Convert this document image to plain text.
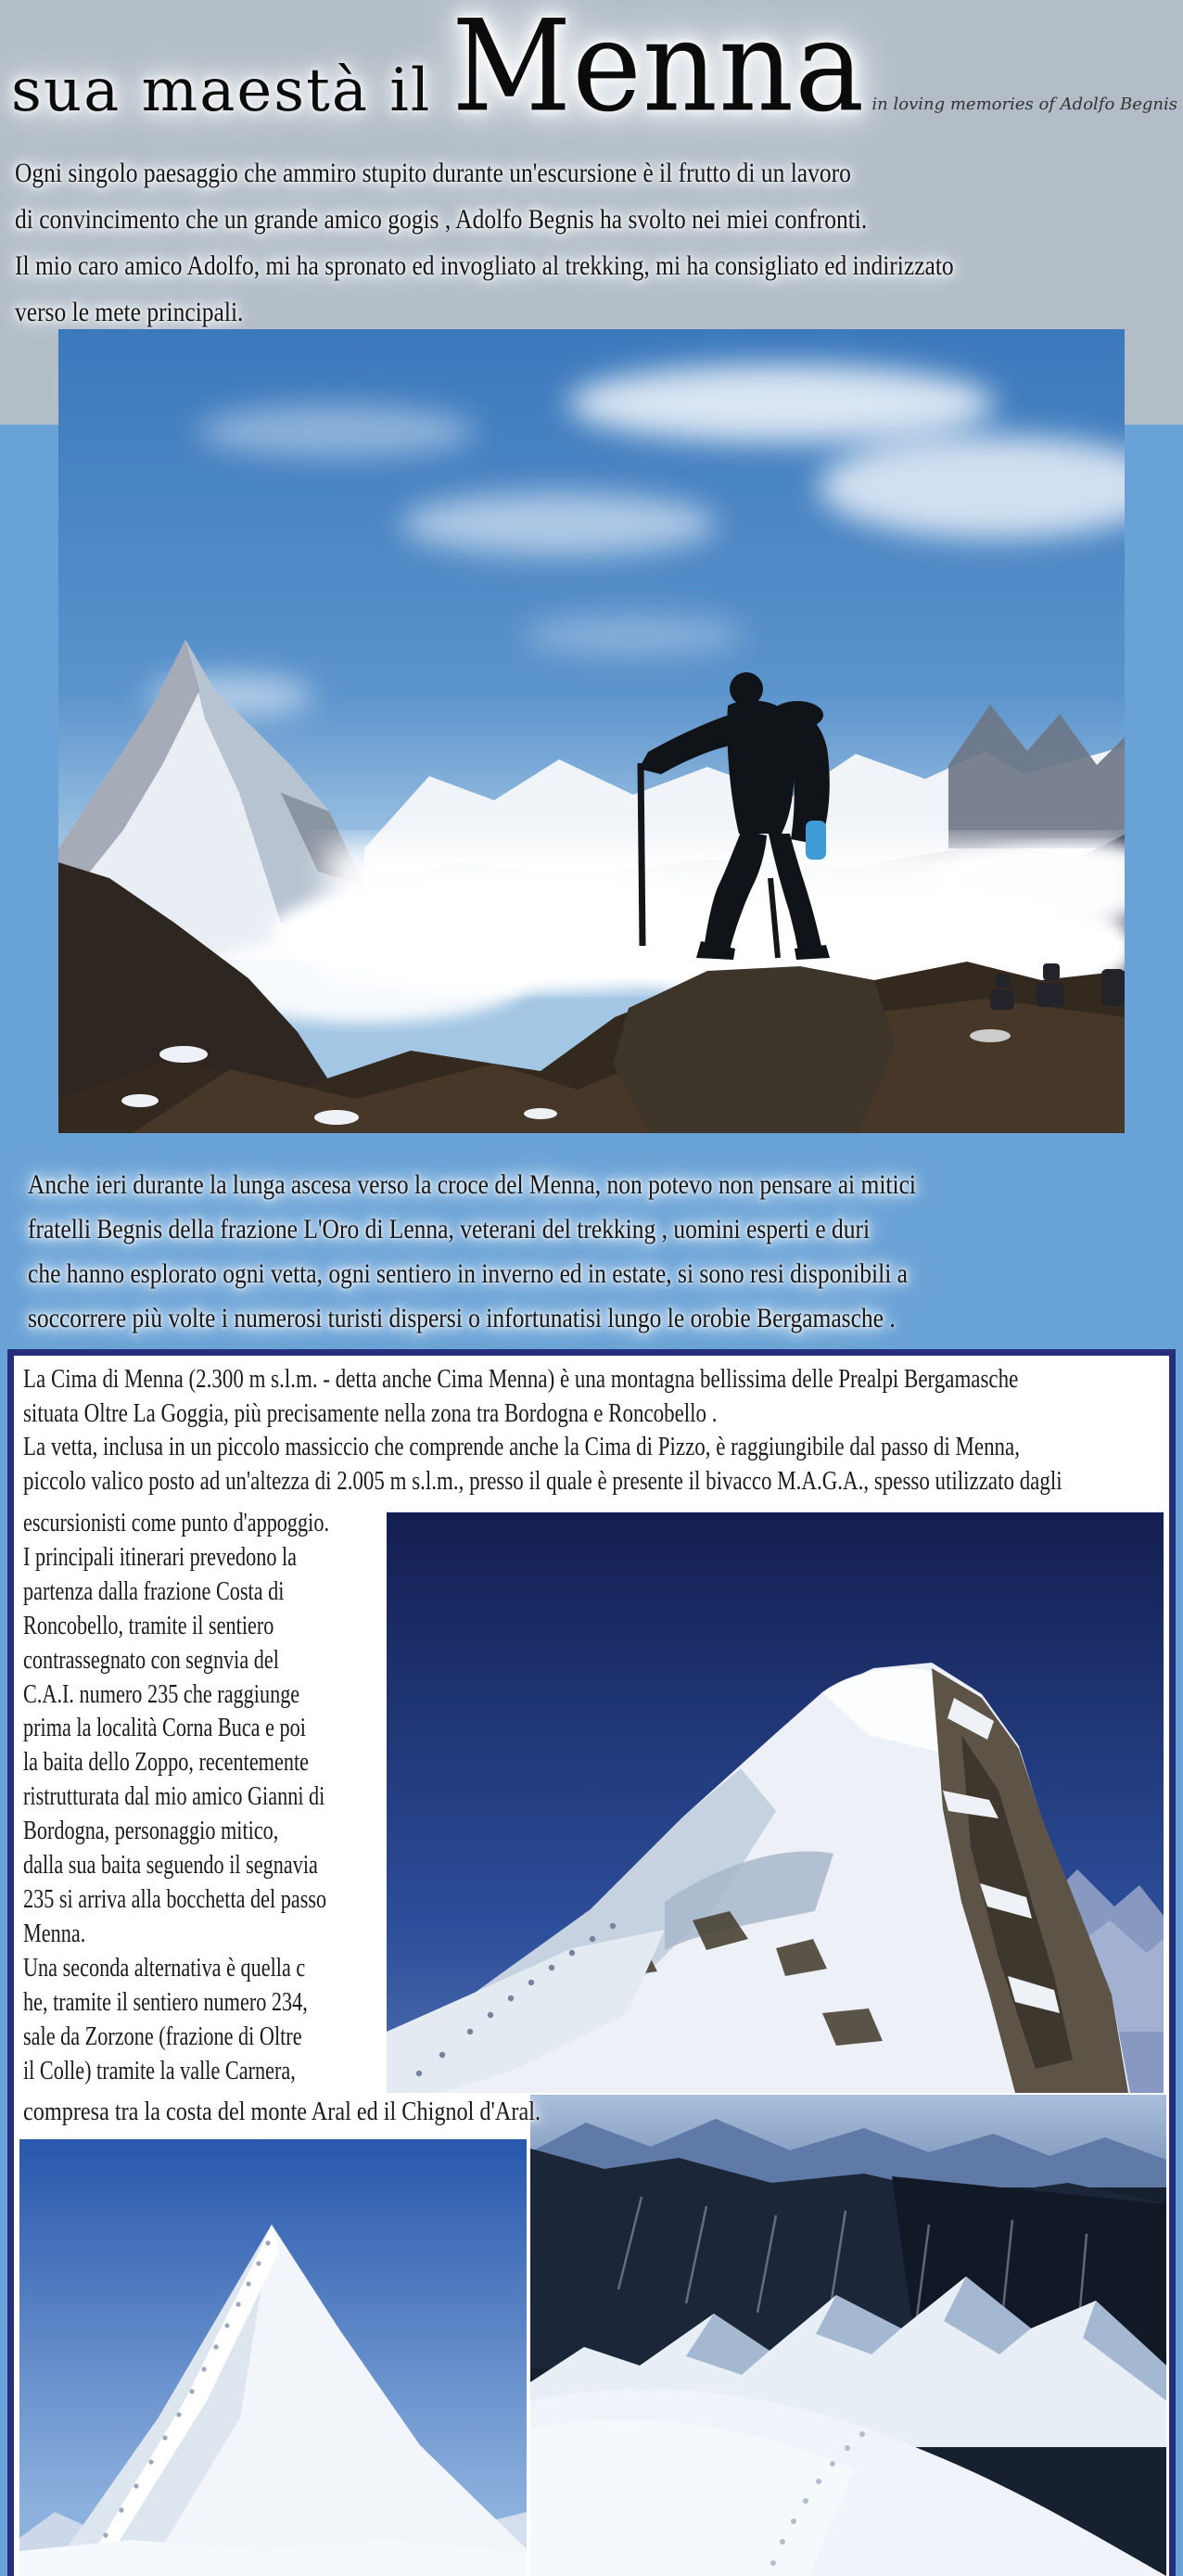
sua maestà il Menna in loving memories of Adolfo Begnis
Ogni singolo paesaggio che ammiro stupito durante un'escursione è il frutto di un lavoro
di convincimento che un grande amico gogis , Adolfo Begnis ha svolto nei miei confronti.
Il mio caro amico Adolfo, mi ha spronato ed invogliato al trekking, mi ha consigliato ed indirizzato
verso le mete principali.
Anche ieri durante la lunga ascesa verso la croce del Menna, non potevo non pensare ai mitici
fratelli Begnis della frazione L'Oro di Lenna, veterani del trekking , uomini esperti e duri
che hanno esplorato ogni vetta, ogni sentiero in inverno ed in estate, si sono resi disponibili a
soccorrere più volte i numerosi turisti dispersi o infortunatisi lungo le orobie Bergamasche .
La Cima di Menna (2.300 m s.l.m. - detta anche Cima Menna) è una montagna bellissima delle Prealpi Bergamasche
situata Oltre La Goggia, più precisamente nella zona tra Bordogna e Roncobello .
La vetta, inclusa in un piccolo massiccio che comprende anche la Cima di Pizzo, è raggiungibile dal passo di Menna,
piccolo valico posto ad un'altezza di 2.005 m s.l.m., presso il quale è presente il bivacco M.A.G.A., spesso utilizzato dagli
escursionisti come punto d'appoggio.
I principali itinerari prevedono la
partenza dalla frazione Costa di
Roncobello, tramite il sentiero
contrassegnato con segnvia del
C.A.I. numero 235 che raggiunge
prima la località Corna Buca e poi
la baita dello Zoppo, recentemente
ristrutturata dal mio amico Gianni di
Bordogna, personaggio mitico,
dalla sua baita seguendo il segnavia
235 si arriva alla bocchetta del passo
Menna.
Una seconda alternativa è quella c
he, tramite il sentiero numero 234,
sale da Zorzone (frazione di Oltre
il Colle) tramite la valle Carnera,
compresa tra la costa del monte Aral ed il Chignol d'Aral.
